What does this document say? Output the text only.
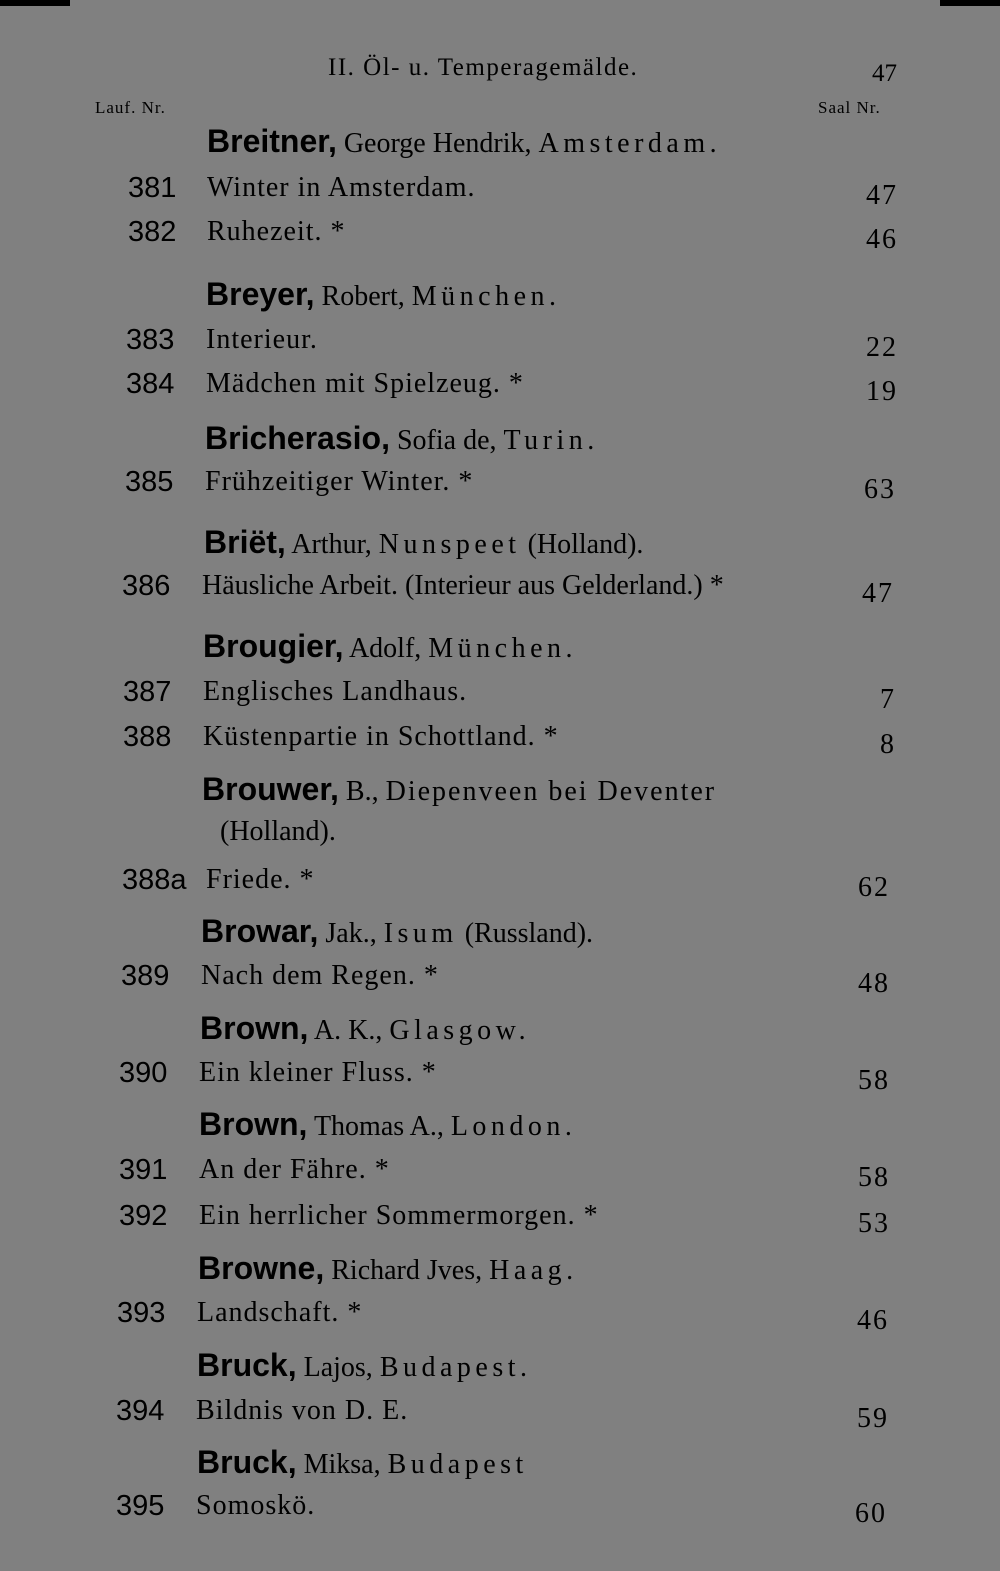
II. Öl- u. Temperagemälde.	47
Lauf. Nr.	Saal Nr.
Breitner, George Hendrik, Amsterdam.
381 Winter in Amsterdam.	47
382 Ruhezeit. *	46
Breyer, Robert, München.
383 Interieur.	22
384 Mädchen mit Spielzeug. *	19
Bricherasio, Sofia de, Turin.
385 Frühzeitiger Winter. *	63
Briët, Arthur, Nunspeet (Holland).
386 Häusliche Arbeit. (Interieur aus Gelderland.) *	47
Brougier, Adolf, München.
387 Englisches Landhaus.	7
388 Küstenpartie in Schottland. *	8
Brouwer, B., Diepenveen bei Deventer
(Holland).
388a Friede. *	62
Browar, Jak., Isum (Russland).
389 Nach dem Regen. *	48
Brown, A. K., Glasgow.
390 Ein kleiner Fluss. *	58
Brown, Thomas A., London.
391 An der Fähre. *	58
392 Ein herrlicher Sommermorgen. *	53
Browne, Richard Jves, Haag.
393 Landschaft. *	46
Bruck, Lajos, Budapest.
394 Bildnis von D. E.	59
Bruck, Miksa, Budapest
395 Somoskö.	60
